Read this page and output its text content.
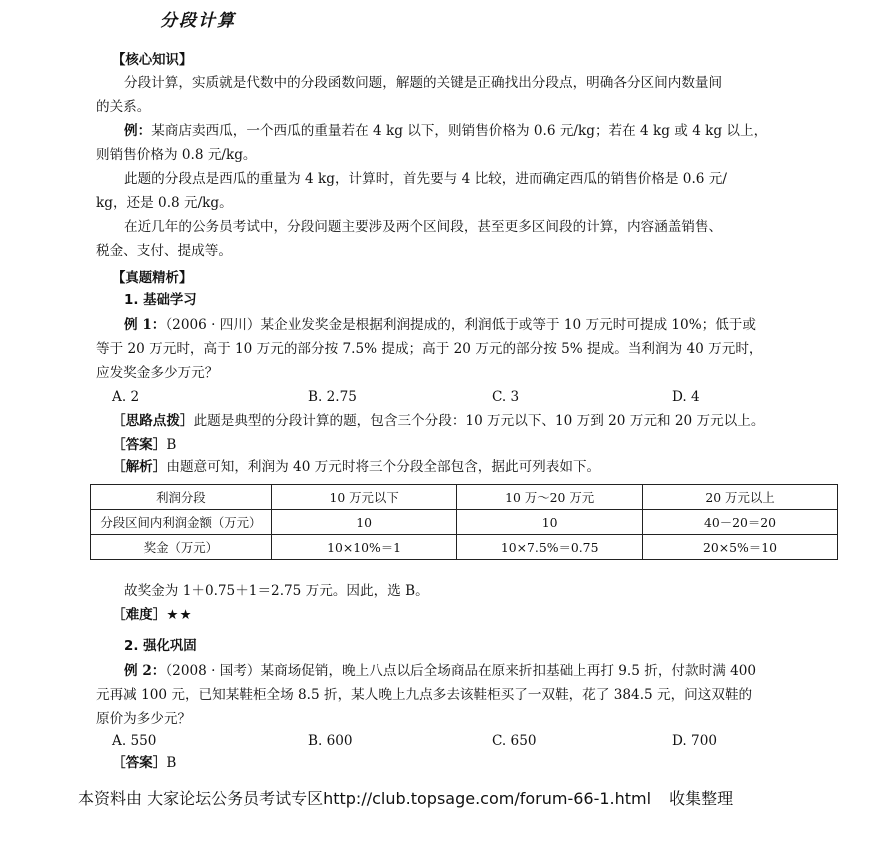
分段计算
【核心知识】
分段计算，实质就是代数中的分段函数问题，解题的关键是正确找出分段点，明确各分区间内数量间
的关系。
例：某商店卖西瓜，一个西瓜的重量若在 4 kg 以下，则销售价格为 0.6 元/kg；若在 4 kg 或 4 kg 以上，
则销售价格为 0.8 元/kg。
此题的分段点是西瓜的重量为 4 kg，计算时，首先要与 4 比较，进而确定西瓜的销售价格是 0.6 元/
kg，还是 0.8 元/kg。
在近几年的公务员考试中，分段问题主要涉及两个区间段，甚至更多区间段的计算，内容涵盖销售、
税金、支付、提成等。
【真题精析】
1. 基础学习
例 1：（2006 · 四川）某企业发奖金是根据利润提成的，利润低于或等于 10 万元时可提成 10%；低于或
等于 20 万元时，高于 10 万元的部分按 7.5% 提成；高于 20 万元的部分按 5% 提成。当利润为 40 万元时，
应发奖金多少万元？
A. 2	B. 2.75	C. 3	D. 4
［思路点拨］此题是典型的分段计算的题，包含三个分段：10 万元以下、10 万到 20 万元和 20 万元以上。
［答案］B
［解析］由题意可知，利润为 40 万元时将三个分段全部包含，据此可列表如下。
利润分段	10 万元以下	10 万～20 万元	20 万元以上
分段区间内利润金额（万元）	10	10	40－20＝20
奖金（万元）	10×10%＝1	10×7.5%＝0.75	20×5%＝10
故奖金为 1＋0.75＋1＝2.75 万元。因此，选 B。
［难度］★★
2. 强化巩固
例 2：（2008 · 国考）某商场促销，晚上八点以后全场商品在原来折扣基础上再打 9.5 折，付款时满 400
元再减 100 元，已知某鞋柜全场 8.5 折，某人晚上九点多去该鞋柜买了一双鞋，花了 384.5 元，问这双鞋的
原价为多少元？
A. 550	B. 600	C. 650	D. 700
［答案］B
本资料由 大家论坛公务员考试专区http://club.topsage.com/forum-66-1.html 收集整理
